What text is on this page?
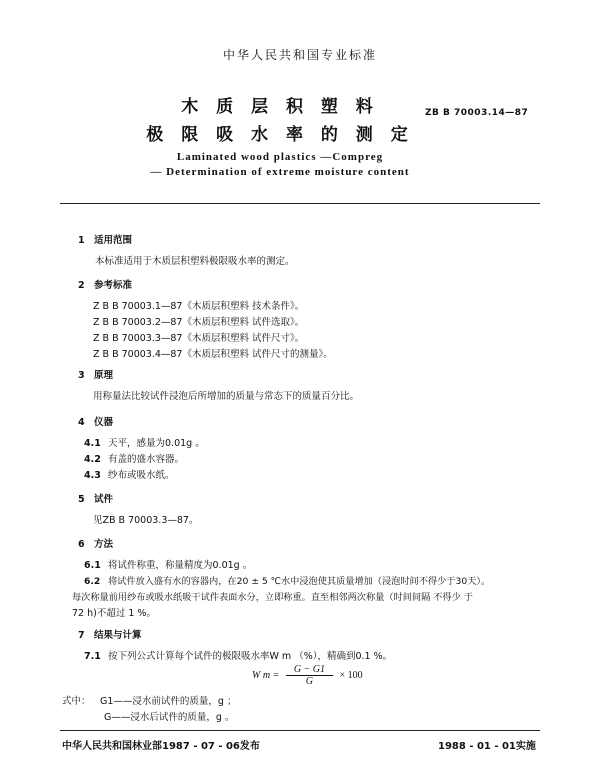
中华人民共和国专业标准
木 质 层 积 塑 料
极 限 吸 水 率 的 测 定
ZB B 70003.14—87
Laminated wood plastics —Compreg
— Determination of extreme moisture content
1 适用范围
本标准适用于木质层积塑料极限吸水率的测定。
2 参考标准
Z B B 70003.1—87《木质层积塑料 技术条件》。
Z B B 70003.2—87《木质层积塑料 试件选取》。
Z B B 70003.3—87《木质层积塑料 试件尺寸》。
Z B B 70003.4—87《木质层积塑料 试件尺寸的测量》。
3 原理
用称量法比较试件浸泡后所增加的质量与常态下的质量百分比。
4 仪器
4.1 天平，感量为0.01g 。
4.2 有盖的盛水容器。
4.3 纱布或吸水纸。
5 试件
见ZB B 70003.3—87。
6 方法
6.1 将试件称重，称量精度为0.01g 。
6.2 将试件放入盛有水的容器内，在20 ± 5 ℃水中浸泡使其质量增加（浸泡时间不得少于30天）。
每次称量前用纱布或吸水纸吸干试件表面水分，立即称重。直至相邻两次称量（时间间隔 不得少 于
72 h)不超过 1 %。
7 结果与计算
7.1 按下列公式计算每个试件的极限吸水率W m （%），精确到0.1 %。
W $m = \frac{G - G1}{G} \times 100$
式中： G1——浸水前试件的质量，g ；
G——浸水后试件的质量，g 。
中华人民共和国林业部1987 - 07 - 06发布	1988 - 01 - 01实施
